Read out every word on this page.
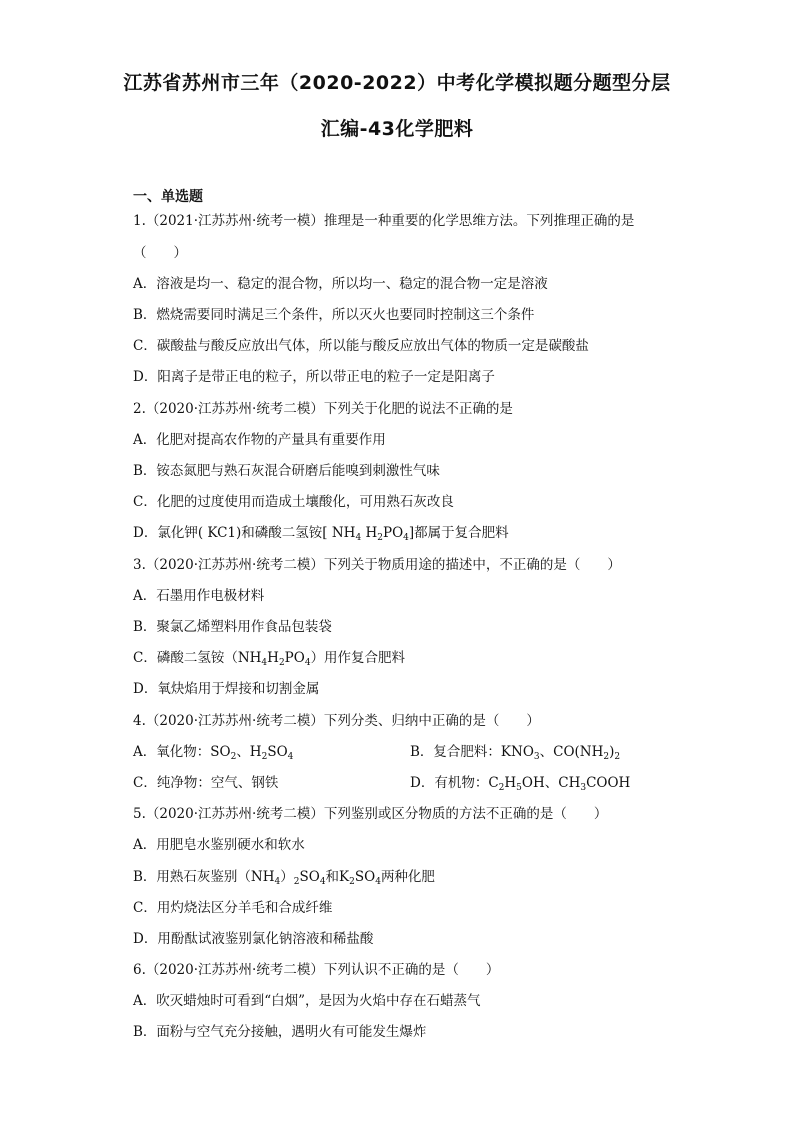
江苏省苏州市三年（2020-2022）中考化学模拟题分题型分层
汇编-43化学肥料
一、单选题
1.（2021·江苏苏州·统考一模）推理是一种重要的化学思维方法。下列推理正确的是
（　　）
A．溶液是均一、稳定的混合物，所以均一、稳定的混合物一定是溶液
B．燃烧需要同时满足三个条件，所以灭火也要同时控制这三个条件
C．碳酸盐与酸反应放出气体，所以能与酸反应放出气体的物质一定是碳酸盐
D．阳离子是带正电的粒子，所以带正电的粒子一定是阳离子
2.（2020·江苏苏州·统考二模）下列关于化肥的说法不正确的是
A．化肥对提高农作物的产量具有重要作用
B．铵态氮肥与熟石灰混合研磨后能嗅到刺激性气味
C．化肥的过度使用而造成土壤酸化，可用熟石灰改良
D．氯化钾( KC1)和磷酸二氢铵[ $NH_4$ $H_2PO_4$]都属于复合肥料
3.（2020·江苏苏州·统考二模）下列关于物质用途的描述中，不正确的是（　　）
A．石墨用作电极材料
B．聚氯乙烯塑料用作食品包装袋
C．磷酸二氢铵$(NH_4H_2PO_4)$用作复合肥料
D．氧炔焰用于焊接和切割金属
4.（2020·江苏苏州·统考二模）下列分类、归纳中正确的是（　　）
A．氧化物：$SO_2$、$H_2SO_4$	B．复合肥料：$KNO_3$、$CO(NH_2)_2$
C．纯净物：空气、钢铁	D．有机物：$C_2H_5OH$、$CH_3COOH$
5.（2020·江苏苏州·统考二模）下列鉴别或区分物质的方法不正确的是（　　）
A．用肥皂水鉴别硬水和软水
B．用熟石灰鉴别$(NH_4)_2SO_4$和$K_2SO_4$两种化肥
C．用灼烧法区分羊毛和合成纤维
D．用酚酞试液鉴别氯化钠溶液和稀盐酸
6.（2020·江苏苏州·统考二模）下列认识不正确的是（　　）
A．吹灭蜡烛时可看到“白烟”，是因为火焰中存在石蜡蒸气
B．面粉与空气充分接触，遇明火有可能发生爆炸
